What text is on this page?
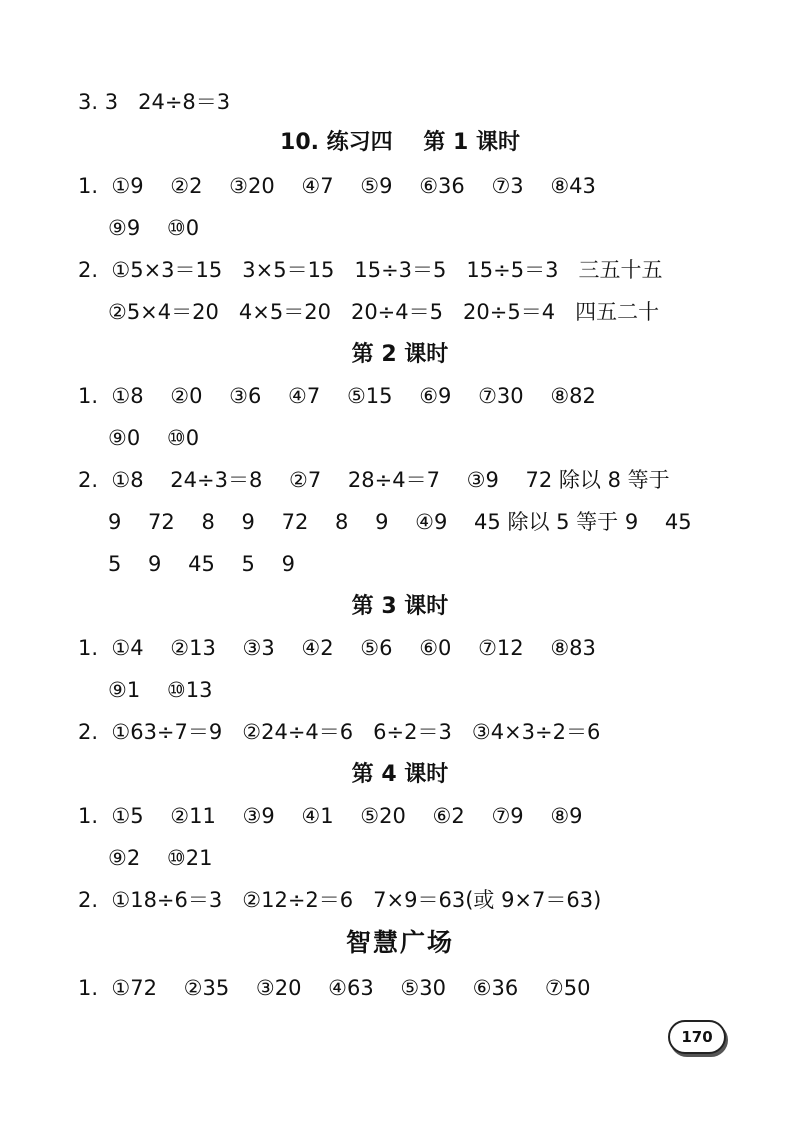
3. 3   24÷8＝3
10. 练习四    第 1 课时
1.  ①9    ②2    ③20    ④7    ⑤9    ⑥36    ⑦3    ⑧43
⑨9    ⑩0
2.  ①5×3＝15   3×5＝15   15÷3＝5   15÷5＝3   三五十五
②5×4＝20   4×5＝20   20÷4＝5   20÷5＝4   四五二十
第 2 课时
1.  ①8    ②0    ③6    ④7    ⑤15    ⑥9    ⑦30    ⑧82
⑨0    ⑩0
2.  ①8    24÷3＝8    ②7    28÷4＝7    ③9    72 除以 8 等于
9    72    8    9    72    8    9    ④9    45 除以 5 等于 9    45
5    9    45    5    9
第 3 课时
1.  ①4    ②13    ③3    ④2    ⑤6    ⑥0    ⑦12    ⑧83
⑨1    ⑩13
2.  ①63÷7＝9   ②24÷4＝6   6÷2＝3   ③4×3÷2＝6
第 4 课时
1.  ①5    ②11    ③9    ④1    ⑤20    ⑥2    ⑦9    ⑧9
⑨2    ⑩21
2.  ①18÷6＝3   ②12÷2＝6   7×9＝63(或 9×7＝63)
智慧广场
1.  ①72    ②35    ③20    ④63    ⑤30    ⑥36    ⑦50
170
